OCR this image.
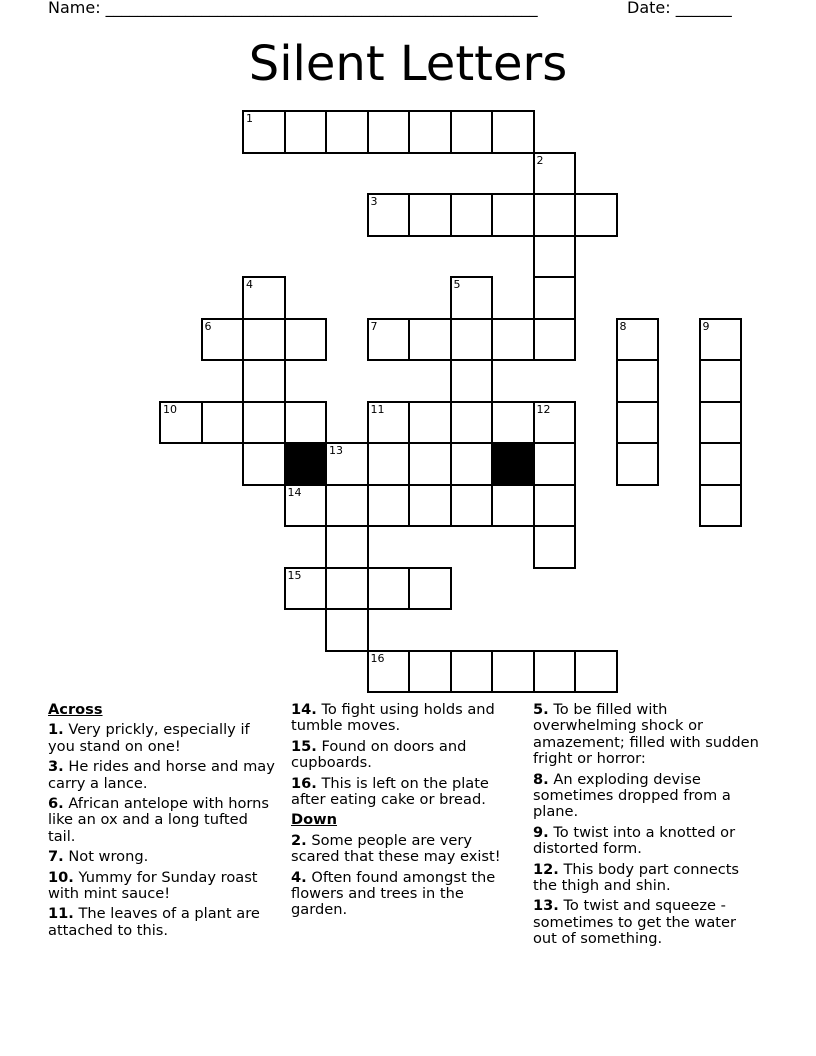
Name: ______________________________________________________	Date: _______
Silent Letters
1
2
3
4	5
6	7	8	9
10	11	12
13
14
15
16
Across
1. Very prickly, especially if you stand on one!
3. He rides and horse and may carry a lance.
6. African antelope with horns like an ox and a long tufted tail.
7. Not wrong.
10. Yummy for Sunday roast with mint sauce!
11. The leaves of a plant are attached to this.
14. To fight using holds and tumble moves.
15. Found on doors and cupboards.
16. This is left on the plate after eating cake or bread.
Down
2. Some people are very scared that these may exist!
4. Often found amongst the flowers and trees in the garden.
5. To be filled with overwhelming shock or amazement; filled with sudden fright or horror:
8. An exploding devise sometimes dropped from a plane.
9. To twist into a knotted or distorted form.
12. This body part connects the thigh and shin.
13. To twist and squeeze - sometimes to get the water out of something.
